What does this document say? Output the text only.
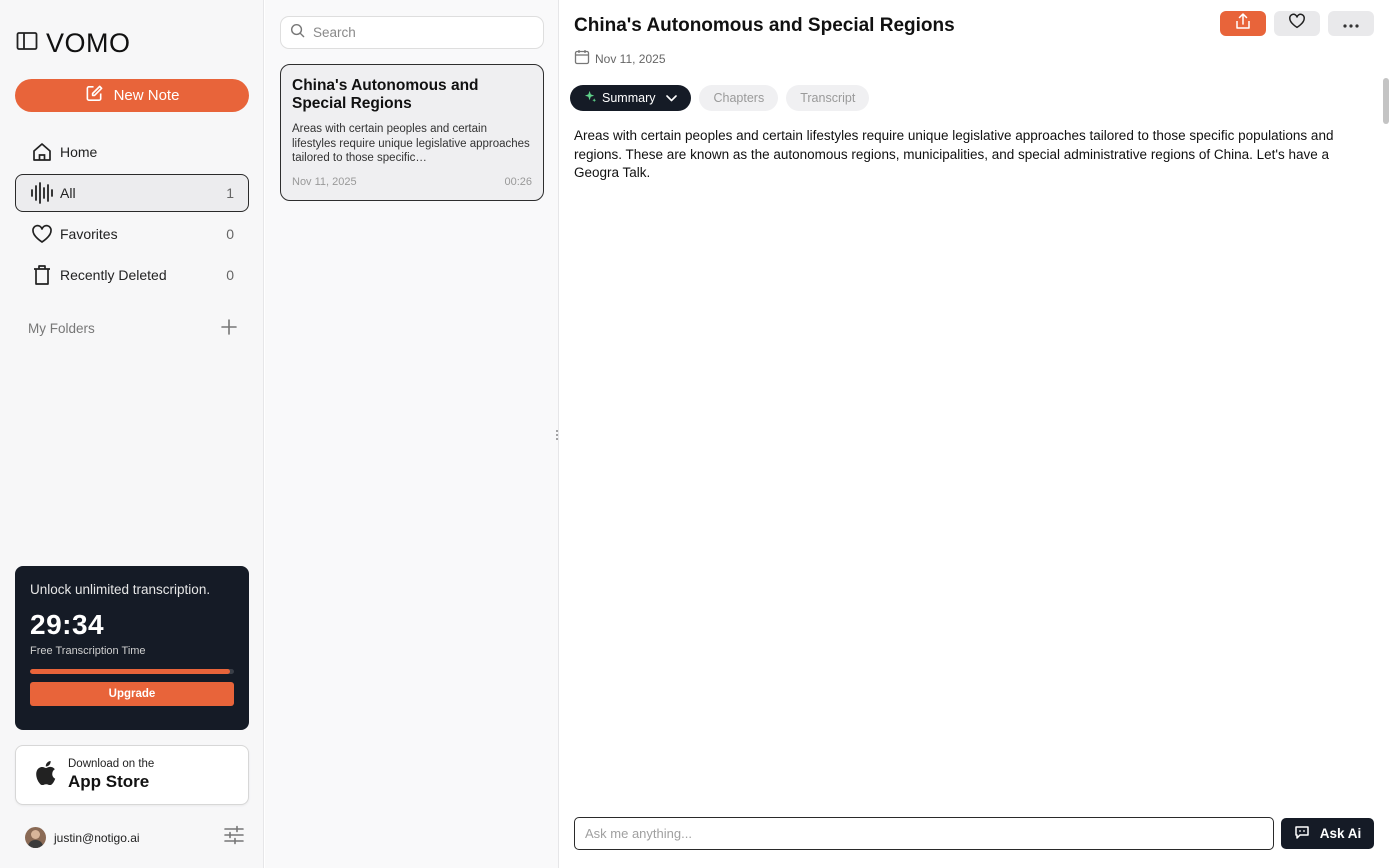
VOMO
New Note
Home
All	1
Favorites	0
Recently Deleted	0
My Folders
Unlock unlimited transcription.
29:34
Free Transcription Time
Upgrade
Download on the
App Store
justin@notigo.ai
Search
China's Autonomous and Special Regions
Areas with certain peoples and certain lifestyles require unique legislative approaches tailored to those specific…
Nov 11, 2025	00:26
China's Autonomous and Special Regions
Nov 11, 2025
Summary	Chapters	Transcript

Areas with certain peoples and certain lifestyles require unique legislative approaches tailored to those specific populations and regions. These are known as the autonomous regions, municipalities, and special administrative regions of China. Let's have a Geogra Talk.

Ask me anything...
Ask Ai
